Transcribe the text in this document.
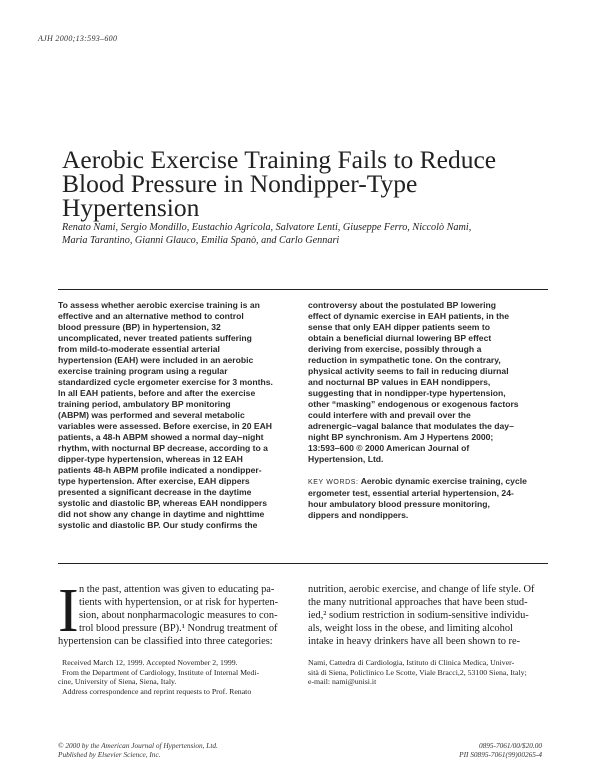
AJH 2000;13:593–600
Aerobic Exercise Training Fails to Reduce
Blood Pressure in Nondipper-Type
Hypertension
Renato Nami, Sergio Mondillo, Eustachio Agricola, Salvatore Lenti, Giuseppe Ferro, Niccolò Nami,
Maria Tarantino, Gianni Glauco, Emilia Spanò, and Carlo Gennari
To assess whether aerobic exercise training is an
effective and an alternative method to control
blood pressure (BP) in hypertension, 32
uncomplicated, never treated patients suffering
from mild-to-moderate essential arterial
hypertension (EAH) were included in an aerobic
exercise training program using a regular
standardized cycle ergometer exercise for 3 months.
In all EAH patients, before and after the exercise
training period, ambulatory BP monitoring
(ABPM) was performed and several metabolic
variables were assessed. Before exercise, in 20 EAH
patients, a 48-h ABPM showed a normal day–night
rhythm, with nocturnal BP decrease, according to a
dipper-type hypertension, whereas in 12 EAH
patients 48-h ABPM profile indicated a nondipper-
type hypertension. After exercise, EAH dippers
presented a significant decrease in the daytime
systolic and diastolic BP, whereas EAH nondippers
did not show any change in daytime and nighttime
systolic and diastolic BP. Our study confirms the
controversy about the postulated BP lowering
effect of dynamic exercise in EAH patients, in the
sense that only EAH dipper patients seem to
obtain a beneficial diurnal lowering BP effect
deriving from exercise, possibly through a
reduction in sympathetic tone. On the contrary,
physical activity seems to fail in reducing diurnal
and nocturnal BP values in EAH nondippers,
suggesting that in nondipper-type hypertension,
other “masking” endogenous or exogenous factors
could interfere with and prevail over the
adrenergic–vagal balance that modulates the day–
night BP synchronism. Am J Hypertens 2000;
13:593–600 © 2000 American Journal of
Hypertension, Ltd.
KEY WORDS: Aerobic dynamic exercise training, cycle
ergometer test, essential arterial hypertension, 24-
hour ambulatory blood pressure monitoring,
dippers and nondippers.
I n the past, attention was given to educating pa-
tients with hypertension, or at risk for hyperten-
sion, about nonpharmacologic measures to con-
trol blood pressure (BP).¹ Nondrug treatment of
hypertension can be classified into three categories:
nutrition, aerobic exercise, and change of life style. Of
the many nutritional approaches that have been stud-
ied,² sodium restriction in sodium-sensitive individu-
als, weight loss in the obese, and limiting alcohol
intake in heavy drinkers have all been shown to re-
Received March 12, 1999. Accepted November 2, 1999.
From the Department of Cardiology, Institute of Internal Medi-
cine, University of Siena, Siena, Italy.
Address correspondence and reprint requests to Prof. Renato
Nami, Cattedra di Cardiologia, Istituto di Clinica Medica, Univer-
sità di Siena, Policlinico Le Scotte, Viale Bracci,2, 53100 Siena, Italy;
e-mail: nami@unisi.it
© 2000 by the American Journal of Hypertension, Ltd.
Published by Elsevier Science, Inc.
0895-7061/00/$20.00
PII S0895-7061(99)00265-4
